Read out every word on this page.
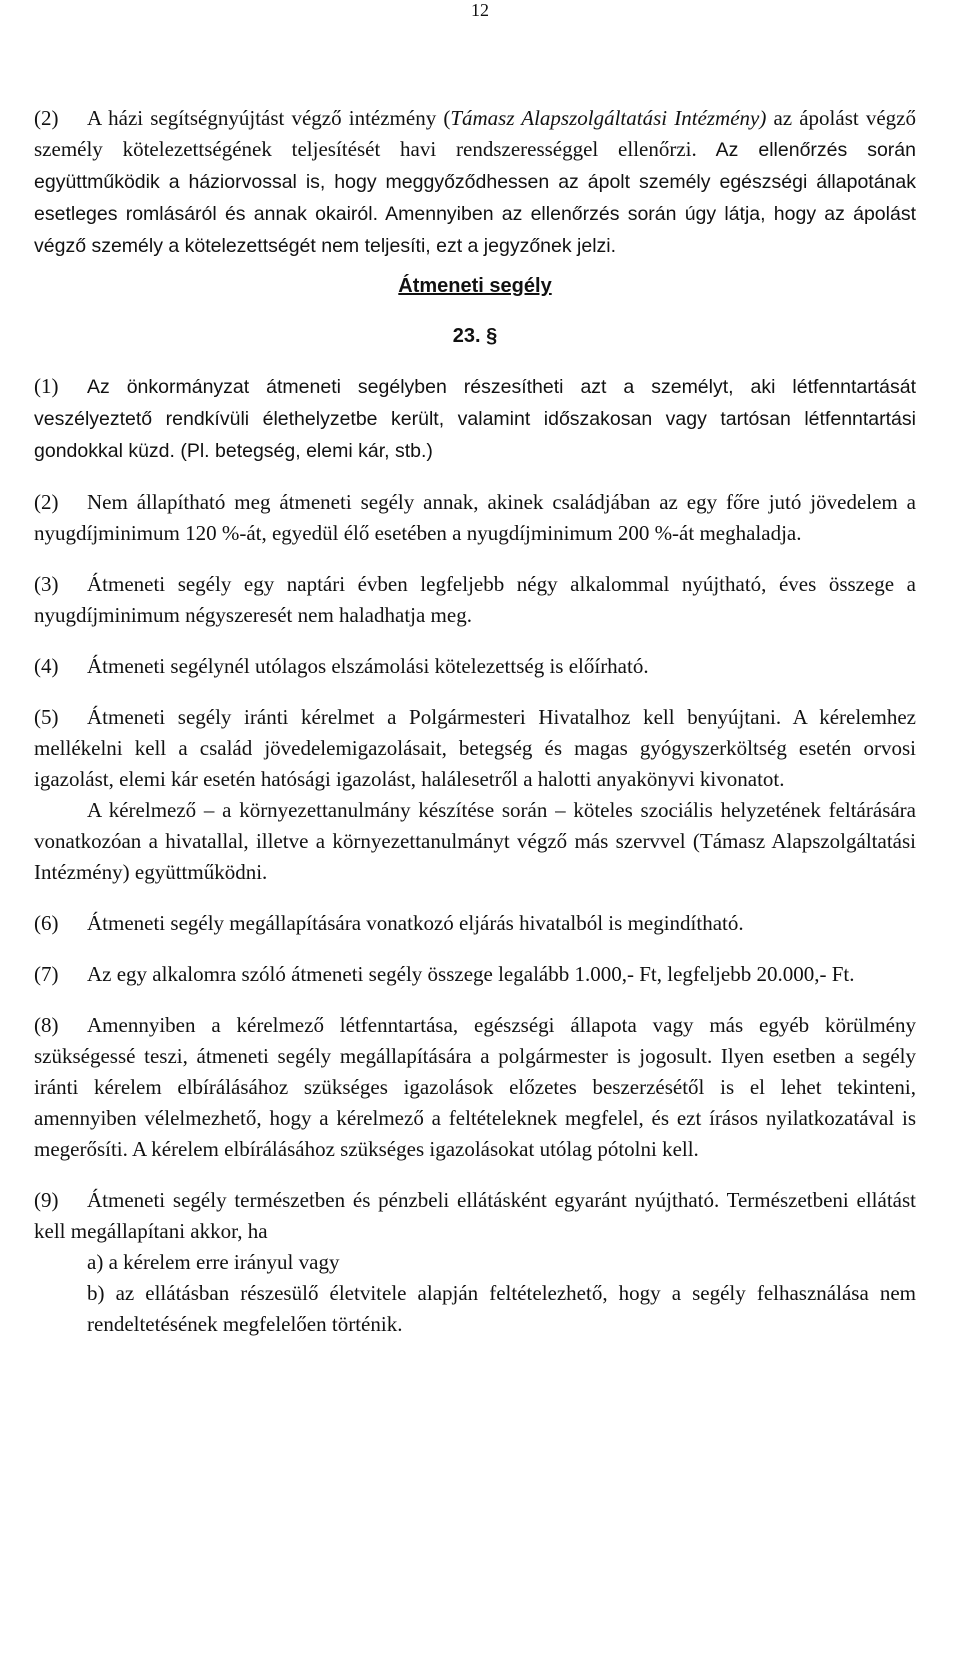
12

(2) A házi segítségnyújtást végző intézmény (Támasz Alapszolgáltatási Intézmény) az ápolást végző személy kötelezettségének teljesítését havi rendszerességgel ellenőrzi. Az ellenőrzés során együttműködik a háziorvossal is, hogy meggyőződhessen az ápolt személy egészségi állapotának esetleges romlásáról és annak okairól. Amennyiben az ellenőrzés során úgy látja, hogy az ápolást végző személy a kötelezettségét nem teljesíti, ezt a jegyzőnek jelzi.

Átmeneti segély
23. §

(1) Az önkormányzat átmeneti segélyben részesítheti azt a személyt, aki létfenntartását veszélyeztető rendkívüli élethelyzetbe került, valamint időszakosan vagy tartósan létfenntartási gondokkal küzd. (Pl. betegség, elemi kár, stb.)

(2) Nem állapítható meg átmeneti segély annak, akinek családjában az egy főre jutó jövedelem a nyugdíjminimum 120 %-át, egyedül élő esetében a nyugdíjminimum 200 %-át meghaladja.

(3) Átmeneti segély egy naptári évben legfeljebb négy alkalommal nyújtható, éves összege a nyugdíjminimum négyszeresét nem haladhatja meg.

(4) Átmeneti segélynél utólagos elszámolási kötelezettség is előírható.

(5) Átmeneti segély iránti kérelmet a Polgármesteri Hivatalhoz kell benyújtani. A kérelemhez mellékelni kell a család jövedelemigazolásait, betegség és magas gyógyszerköltség esetén orvosi igazolást, elemi kár esetén hatósági igazolást, halálesetről a halotti anyakönyvi kivonatot.

A kérelmező – a környezettanulmány készítése során – köteles szociális helyzetének feltárására vonatkozóan a hivatallal, illetve a környezettanulmányt végző más szervvel (Támasz Alapszolgáltatási Intézmény) együttműködni.

(6) Átmeneti segély megállapítására vonatkozó eljárás hivatalból is megindítható.

(7) Az egy alkalomra szóló átmeneti segély összege legalább 1.000,- Ft, legfeljebb 20.000,- Ft.

(8) Amennyiben a kérelmező létfenntartása, egészségi állapota vagy más egyéb körülmény szükségessé teszi, átmeneti segély megállapítására a polgármester is jogosult. Ilyen esetben a segély iránti kérelem elbírálásához szükséges igazolások előzetes beszerzésétől is el lehet tekinteni, amennyiben vélelmezhető, hogy a kérelmező a feltételeknek megfelel, és ezt írásos nyilatkozatával is megerősíti. A kérelem elbírálásához szükséges igazolásokat utólag pótolni kell.

(9) Átmeneti segély természetben és pénzbeli ellátásként egyaránt nyújtható. Természetbeni ellátást kell megállapítani akkor, ha

a) a kérelem erre irányul vagy

b) az ellátásban részesülő életvitele alapján feltételezhető, hogy a segély felhasználása nem rendeltetésének megfelelően történik.
